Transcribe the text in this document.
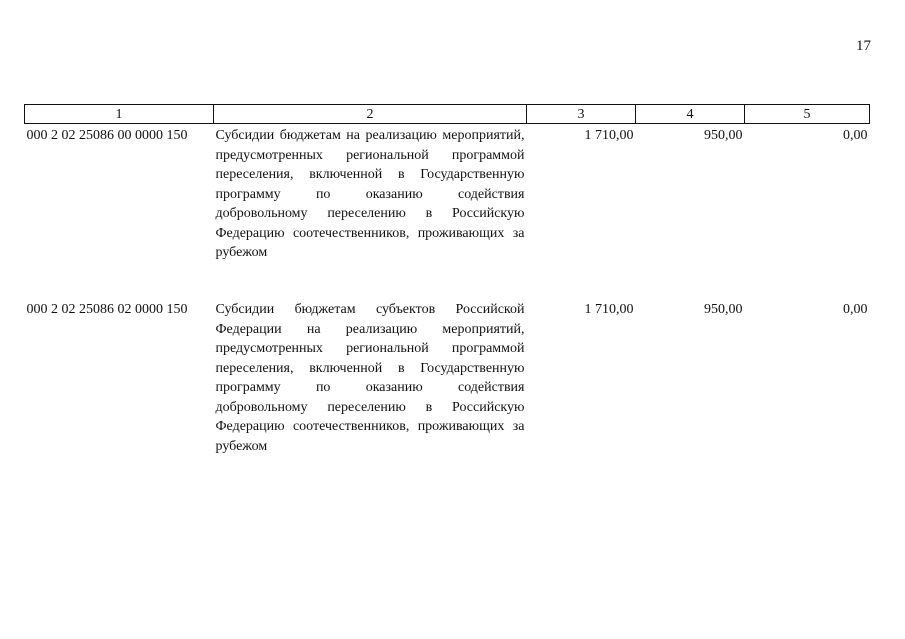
17
1	2	3	4	5
000 2 02 25086 00 0000 150	Субсидии бюджетам на реализацию мероприятий, предусмотренных региональной программой переселения, включенной в Государственную программу по оказанию содействия добровольному переселению в Российскую Федерацию соотечественников, проживающих за рубежом	1 710,00	950,00	0,00
000 2 02 25086 02 0000 150	Субсидии бюджетам субъектов Российской Федерации на реализацию мероприятий, предусмотренных региональной программой переселения, включенной в Государственную программу по оказанию содействия добровольному переселению в Российскую Федерацию соотечественников, проживающих за рубежом	1 710,00	950,00	0,00
